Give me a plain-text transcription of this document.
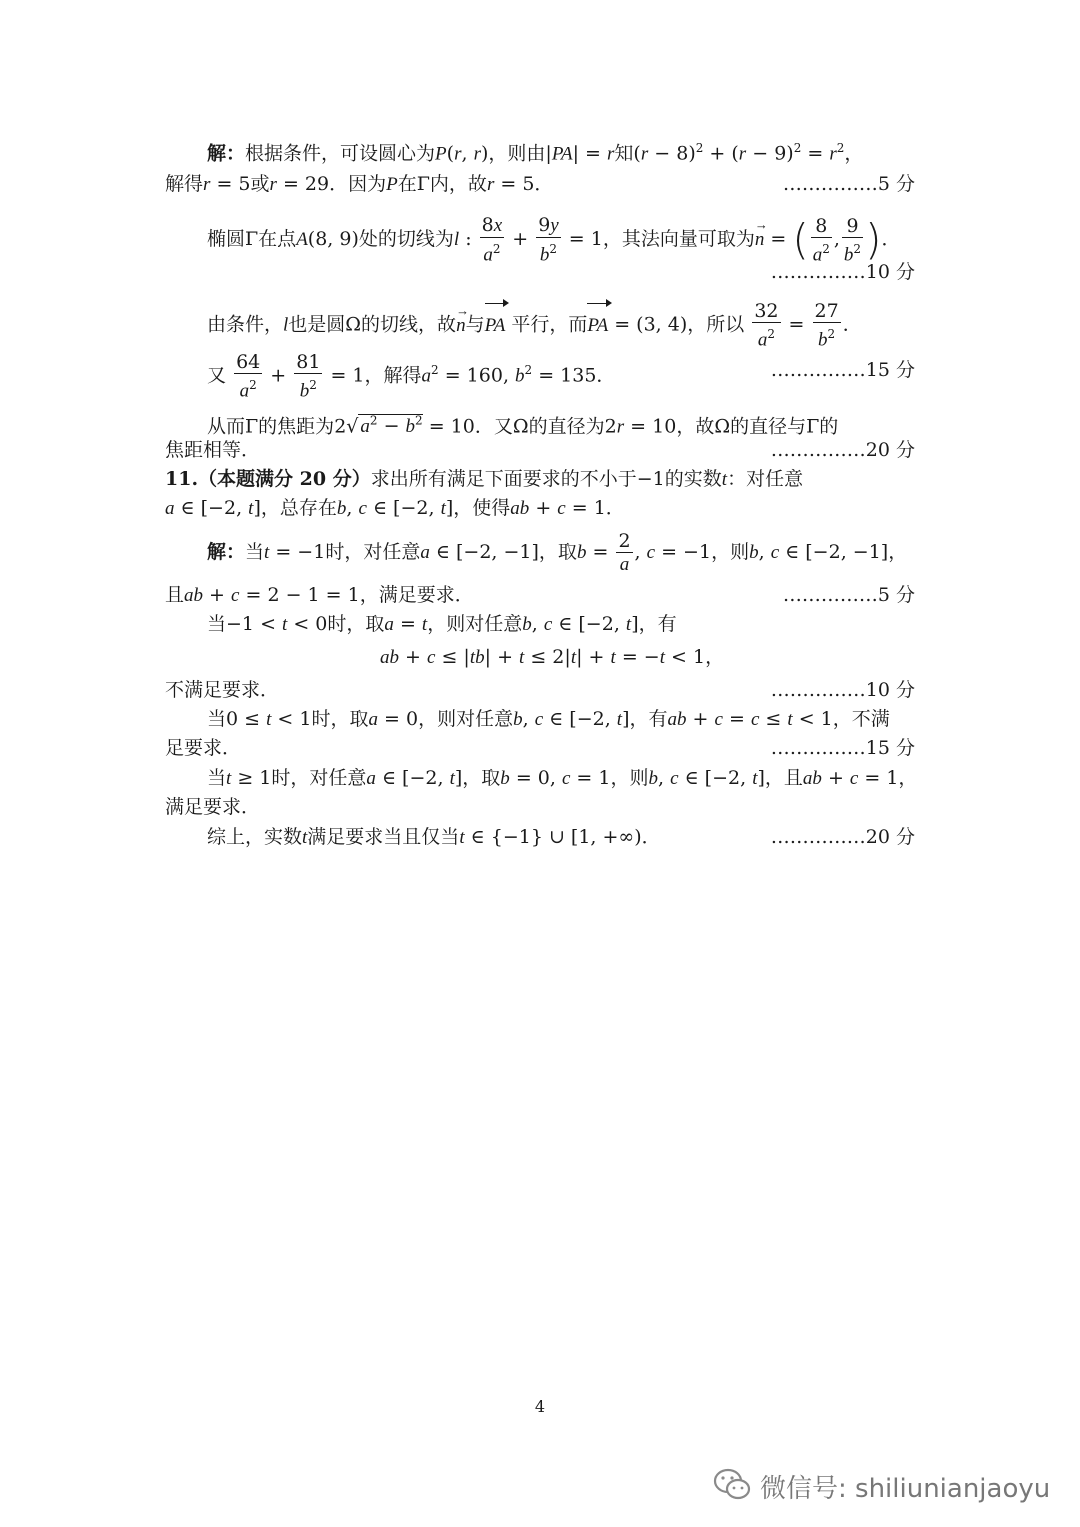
解：根据条件，可设圆心为P(r, r)，则由|PA| = r知$(r - 8)^2 + (r - 9)^2 = r^2$，
解得r = 5或r = 29．因为P在Γ内，故r = 5．	……………5 分
椭圆Γ在点A(8, 9)处的切线为l : $\frac{8x}{a^2} + \frac{9y}{b^2} = 1$，其法向量可取为→ n = ( $\frac{8}{a^2}$ , $\frac{9}{b^2}$ )．
……………10 分
由条件，l也是圆Ω的切线，故→ n与PA 平行，而PA = (3, 4)，所以 $\frac{32}{a^2} = \frac{27}{b^2}$ ．
又 $\frac{64}{a^2} + \frac{81}{b^2} = 1$，解得$a^2 = 160$, $b^2 = 135$．	……………15 分
从而Γ的焦距为2√ $a^2 - b^2 = 10$．又Ω的直径为2r = 10，故Ω的直径与Γ的
焦距相等．	……………20 分
11.（本题满分 20 分）求出所有满足下面要求的不小于−1的实数t：对任意
a ∈ [−2, t]，总存在b, c ∈ [−2, t]，使得ab + c = 1．
解：当t = −1时，对任意a ∈ [−2, −1]，取$b = \frac{2}{a}$ , c = −1，则b, c ∈ [−2, −1]，
且ab + c = 2 − 1 = 1，满足要求．	……………5 分
当−1 < t < 0时，取a = t，则对任意b, c ∈ [−2, t]，有
ab + c ≤ |tb| + t ≤ 2|t| + t = −t < 1，
不满足要求．	……………10 分
当0 ≤ t < 1时，取a = 0，则对任意b, c ∈ [−2, t]，有ab + c = c ≤ t < 1，不满
足要求．	……………15 分
当t ≥ 1时，对任意a ∈ [−2, t]，取b = 0, c = 1，则b, c ∈ [−2, t]，且ab + c = 1，
满足要求．
综上，实数t满足要求当且仅当t ∈ {−1} ∪ [1, +∞)．	……………20 分
4
微信号: shiliunianjaoyu
